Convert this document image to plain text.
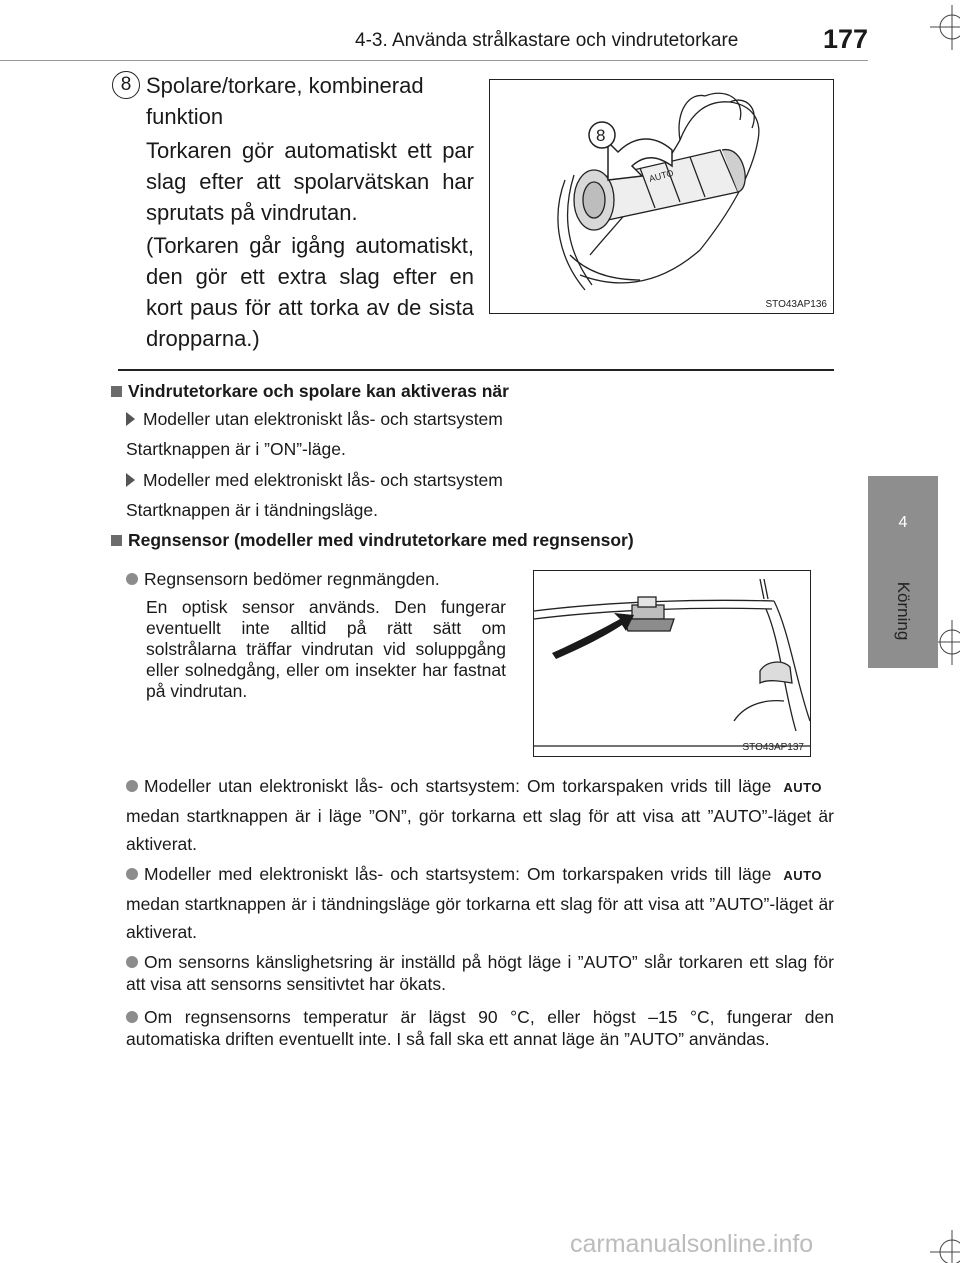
4-3. Använda strålkastare och vindrutetorkare	177
4
Körning
8 Spolare/torkare, kombinerad funktion
Torkaren gör automatiskt ett par slag efter att spolarvätskan har sprutats på vindrutan.
(Torkaren går igång automatiskt, den gör ett extra slag efter en kort paus för att torka av de sista dropparna.)
AUTO
8
STO43AP136
Vindrutetorkare och spolare kan aktiveras när
Modeller utan elektroniskt lås- och startsystem
Startknappen är i ”ON”-läge.
Modeller med elektroniskt lås- och startsystem
Startknappen är i tändningsläge.
Regnsensor (modeller med vindrutetorkare med regnsensor)
Regnsensorn bedömer regnmängden.
En optisk sensor används. Den fungerar eventuellt inte alltid på rätt sätt om solstrålarna träffar vindrutan vid soluppgång eller solnedgång, eller om insekter har fastnat på vindrutan.
STO43AP137
Modeller utan elektroniskt lås- och startsystem: Om torkarspaken vrids till läge AUTOmedan startknappen är i läge ”ON”, gör torkarna ett slag för att visa att ”AUTO”-läget är aktiverat.
Modeller med elektroniskt lås- och startsystem: Om torkarspaken vrids till läge AUTOmedan startknappen är i tändningsläge gör torkarna ett slag för att visa att ”AUTO”-läget är aktiverat.
Om sensorns känslighetsring är inställd på högt läge i ”AUTO” slår torkaren ett slag för att visa att sensorns sensitivtet har ökats.
Om regnsensorns temperatur är lägst 90 °C, eller högst –15 °C, fungerar den automatiska driften eventuellt inte. I så fall ska ett annat läge än ”AUTO” användas.
carmanualsonline.info
